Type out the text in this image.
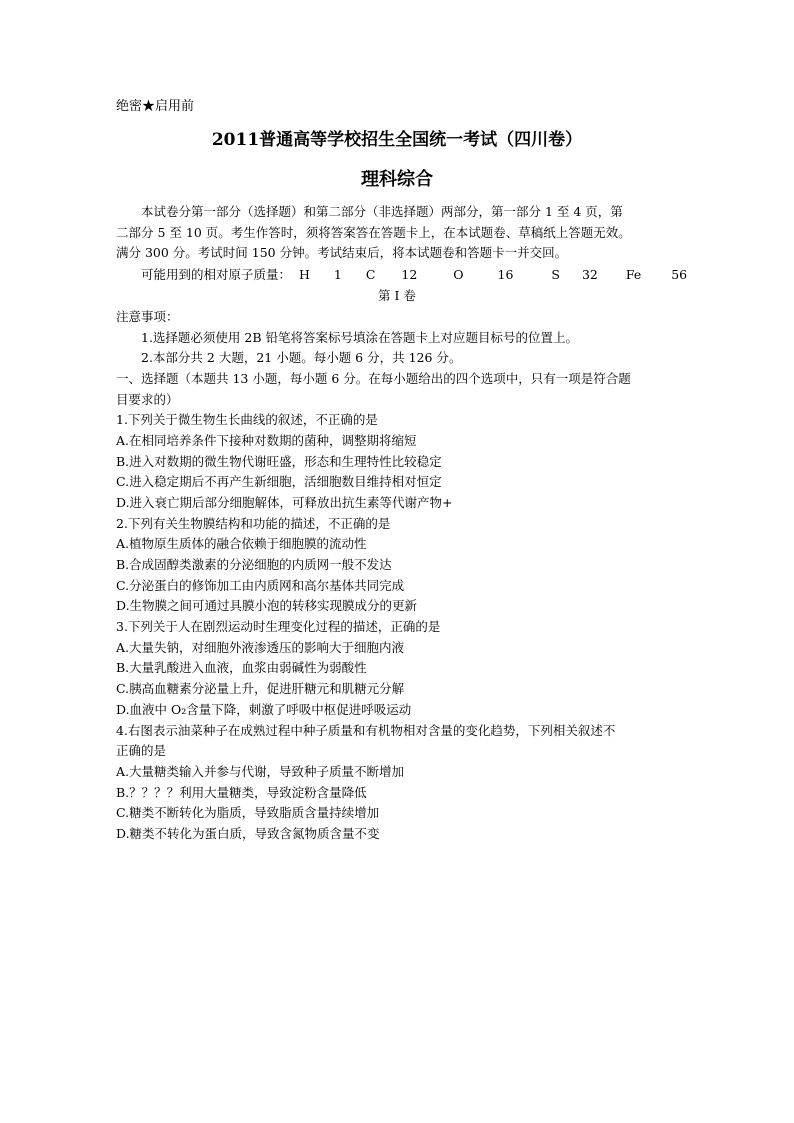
绝密★启用前
2011普通高等学校招生全国统一考试（四川卷）
理科综合
本试卷分第一部分（选择题）和第二部分（非选择题）两部分，第一部分 1 至 4 页，第
二部分 5 至 10 页。考生作答时，须将答案答在答题卡上，在本试题卷、草稿纸上答题无效。
满分 300 分。考试时间 150 分钟。考试结束后，将本试题卷和答题卡一并交回。
可能用到的相对原子质量： H 1 C 12	O	16	S 32 Fe 56
第 I 卷
注意事项：
1.选择题必须使用 2B 铅笔将答案标号填涂在答题卡上对应题目标号的位置上。
2.本部分共 2 大题，21 小题。每小题 6 分，共 126 分。
一、选择题（本题共 13 小题，每小题 6 分。在每小题给出的四个选项中，只有一项是符合题
目要求的）
1.下列关于微生物生长曲线的叙述，不正确的是
A.在相同培养条件下接种对数期的菌种，调整期将缩短
B.进入对数期的微生物代谢旺盛，形态和生理特性比较稳定
C.进入稳定期后不再产生新细胞，活细胞数目维持相对恒定
D.进入衰亡期后部分细胞解体，可释放出抗生素等代谢产物+
2.下列有关生物膜结构和功能的描述，不正确的是
A.植物原生质体的融合依赖于细胞膜的流动性
B.合成固醇类激素的分泌细胞的内质网一般不发达
C.分泌蛋白的修饰加工由内质网和高尔基体共同完成
D.生物膜之间可通过具膜小泡的转移实现膜成分的更新
3.下列关于人在剧烈运动时生理变化过程的描述，正确的是
A.大量失钠，对细胞外液渗透压的影响大于细胞内液
B.大量乳酸进入血液，血浆由弱碱性为弱酸性
C.胰高血糖素分泌量上升，促进肝糖元和肌糖元分解
D.血液中 O₂含量下降，刺激了呼吸中枢促进呼吸运动
4.右图表示油菜种子在成熟过程中种子质量和有机物相对含量的变化趋势，下列相关叙述不
正确的是
A.大量糖类输入并参与代谢，导致种子质量不断增加
B.？？？？利用大量糖类，导致淀粉含量降低
C.糖类不断转化为脂质，导致脂质含量持续增加
D.糖类不转化为蛋白质，导致含氮物质含量不变
